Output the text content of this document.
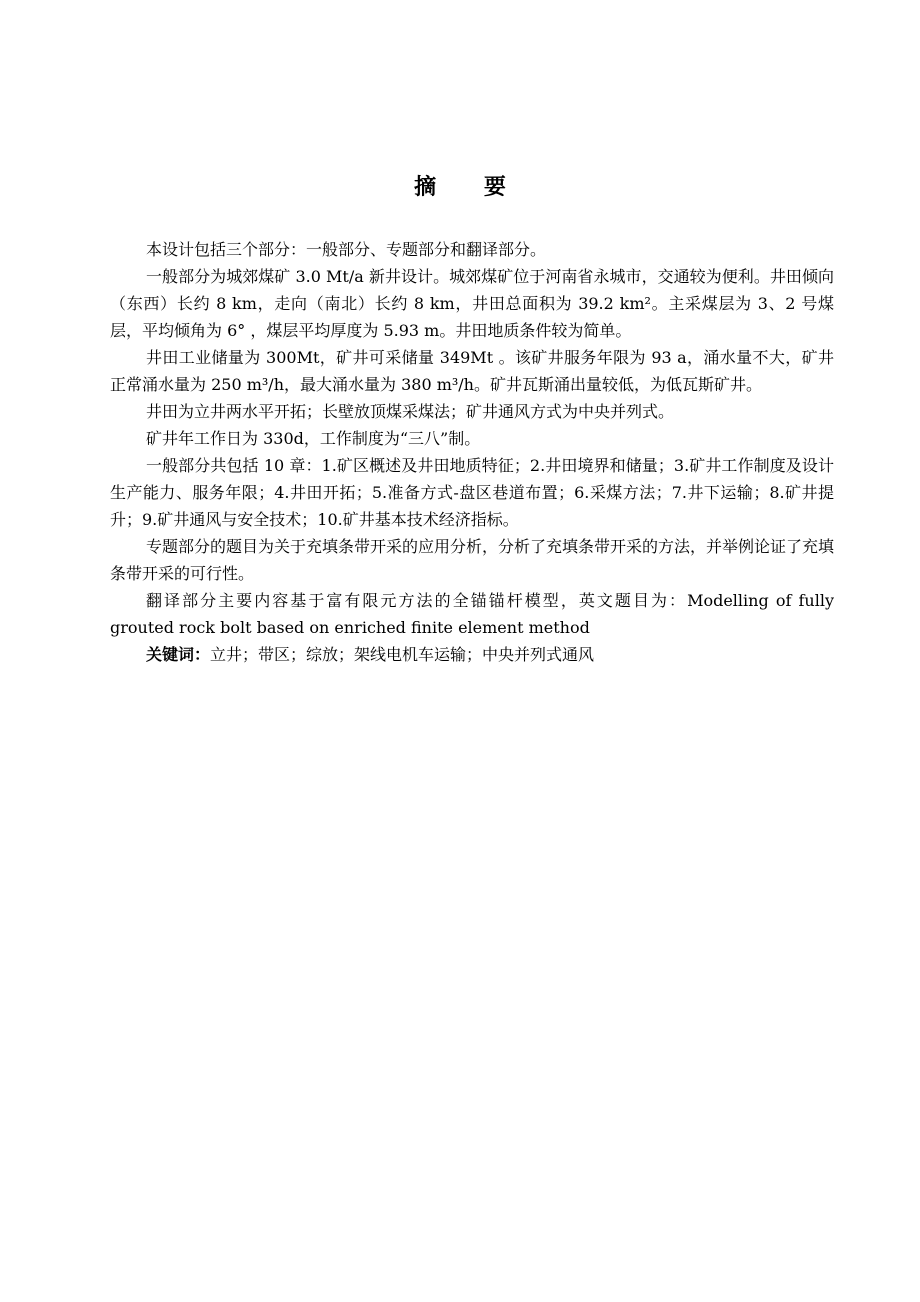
摘 要

本设计包括三个部分：一般部分、专题部分和翻译部分。

一般部分为城郊煤矿 3.0 Mt/a 新井设计。城郊煤矿位于河南省永城市，交通较为便利。井田倾向（东西）长约 8 km，走向（南北）长约 8 km，井田总面积为 39.2 km²。主采煤层为 3、2 号煤层，平均倾角为 6° ，煤层平均厚度为 5.93 m。井田地质条件较为简单。

井田工业储量为 300Mt，矿井可采储量 349Mt 。该矿井服务年限为 93 a，涌水量不大，矿井正常涌水量为 250 m³/h，最大涌水量为 380 m³/h。矿井瓦斯涌出量较低，为低瓦斯矿井。

井田为立井两水平开拓；长壁放顶煤采煤法；矿井通风方式为中央并列式。

矿井年工作日为 330d，工作制度为“三八”制。

一般部分共包括 10 章：1.矿区概述及井田地质特征；2.井田境界和储量；3.矿井工作制度及设计生产能力、服务年限；4.井田开拓；5.准备方式-盘区巷道布置；6.采煤方法；7.井下运输；8.矿井提升；9.矿井通风与安全技术；10.矿井基本技术经济指标。

专题部分的题目为关于充填条带开采的应用分析，分析了充填条带开采的方法，并举例论证了充填条带开采的可行性。

翻译部分主要内容基于富有限元方法的全锚锚杆模型，英文题目为：Modelling of fully grouted rock bolt based on enriched finite element method

关键词：立井；带区；综放；架线电机车运输；中央并列式通风
